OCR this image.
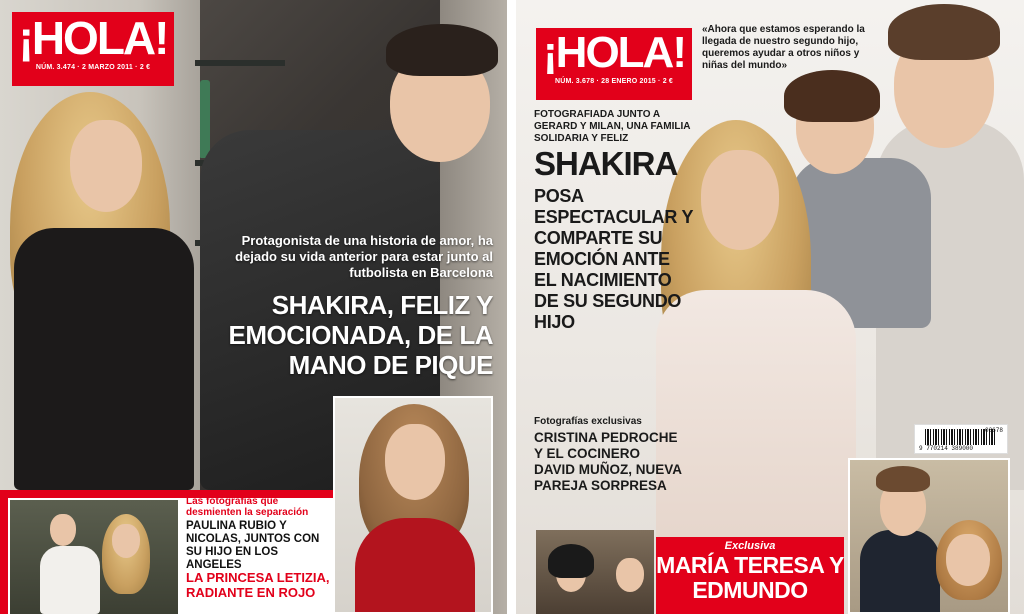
¡HOLA!
NÚM. 3.474 · 2 MARZO 2011 · 2 €
Protagonista de una historia de amor, ha dejado su vida anterior para estar junto al futbolista en Barcelona
SHAKIRA, FELIZ Y EMOCIONADA, DE LA MANO DE PIQUE
Las fotografías que desmienten la separación
PAULINA RUBIO Y NICOLAS, JUNTOS CON SU HIJO EN LOS ANGELES
LA PRINCESA LETIZIA, RADIANTE EN ROJO
¡HOLA!
NÚM. 3.678 · 28 ENERO 2015 · 2 €
03678
9 770214 389000
Exclusiva
MARÍA TERESA Y EDMUNDO
«Ahora que estamos esperando la llegada de nuestro segundo hijo, queremos ayudar a otros niños y niñas del mundo»
FOTOGRAFIADA JUNTO A GERARD Y MILAN, UNA FAMILIA SOLIDARIA Y FELIZ
SHAKIRA
POSA ESPECTACULAR Y COMPARTE SU EMOCIÓN ANTE EL NACIMIENTO DE SU SEGUNDO HIJO
Fotografías exclusivas
CRISTINA PEDROCHE Y EL COCINERO DAVID MUÑOZ, NUEVA PAREJA SORPRESA
